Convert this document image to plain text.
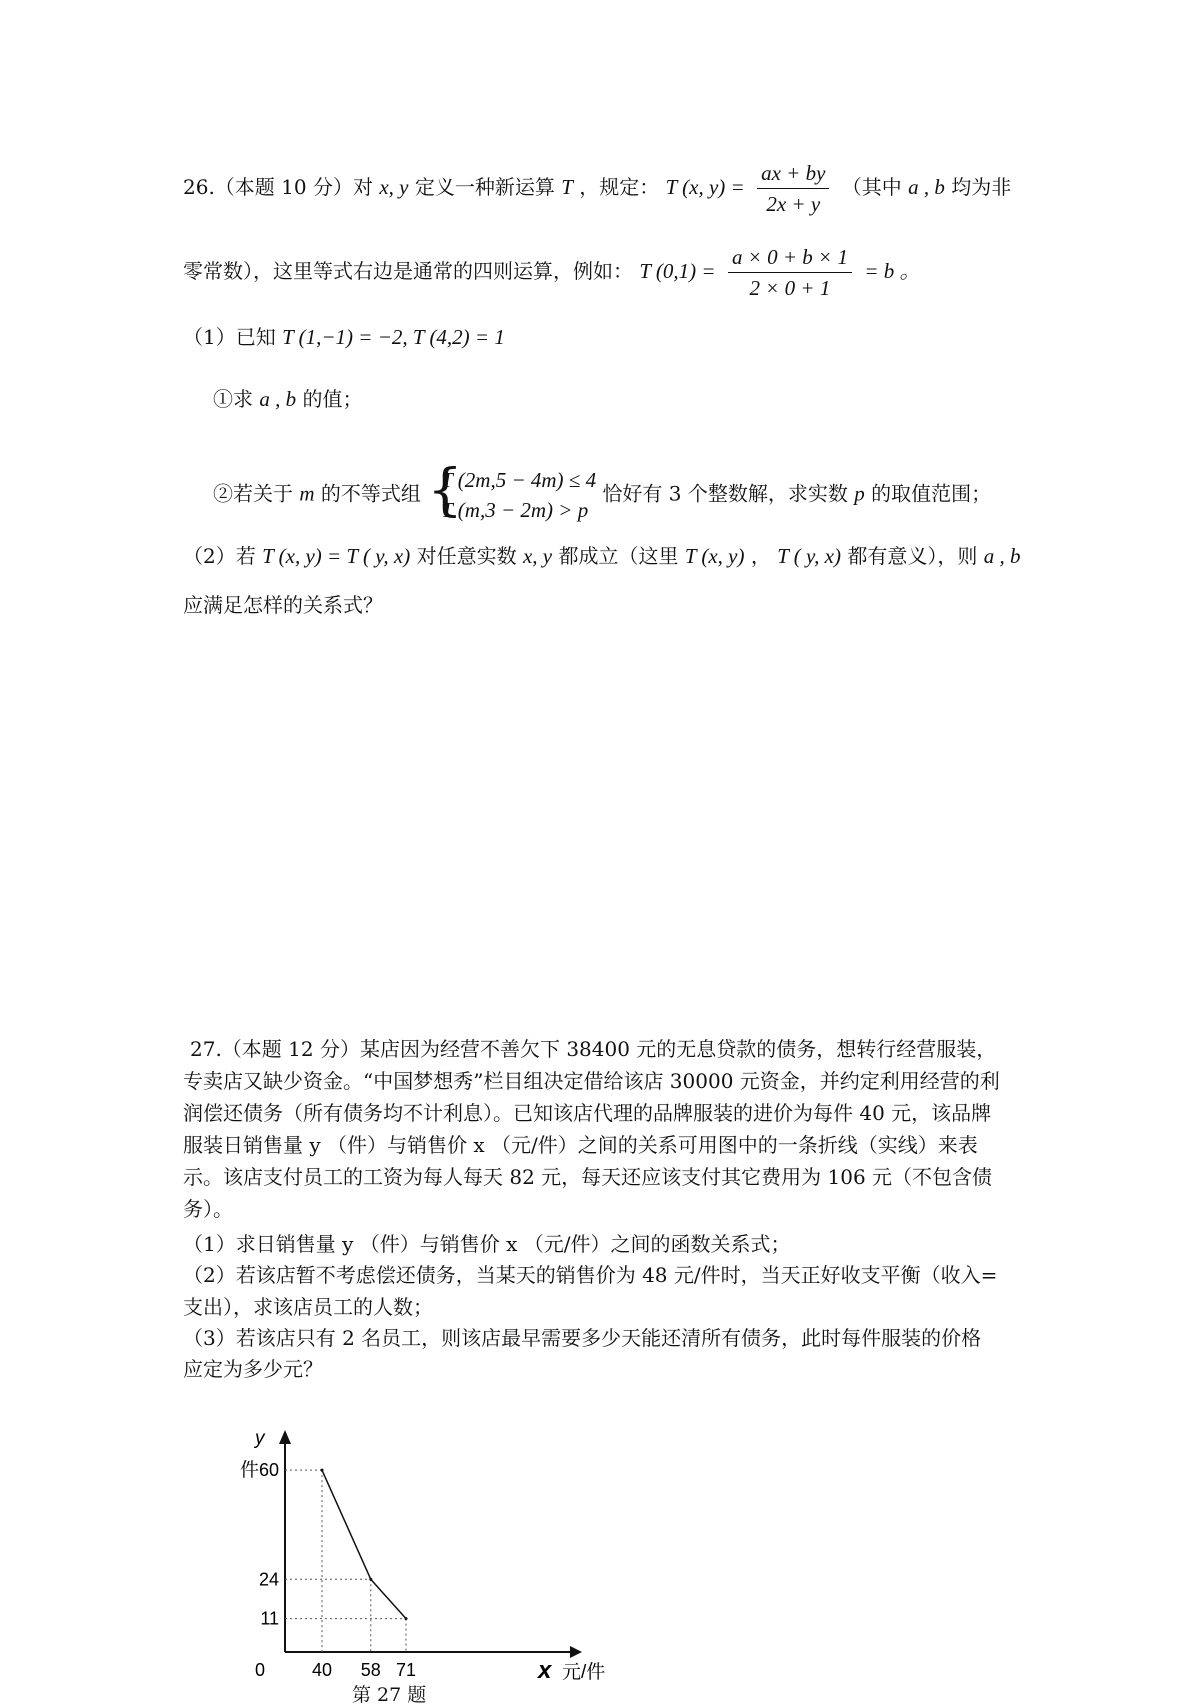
26.（本题 10 分）对 x, y 定义一种新运算 T ，规定： T (x, $y) = \frac{ax + by}{2x + y}$ （其中 a , b 均为非
零常数），这里等式右边是通常的四则运算，例如： T $(0,1) = \frac{a \times 0 + b \times 1}{2 \times 0 + 1} = b$ 。
（1）已知 T (1,−1) = −2, T (4,2) = 1
①求 a , b 的值；
②若关于 m 的不等式组 {
T (2m,5 − 4m) ≤ 4
T (m,3 − 2m) > p
恰好有 3 个整数解，求实数 p 的取值范围；
（2）若 T (x, y) = T ( y, x) 对任意实数 x, y 都成立（这里 T (x, y) ， T ( y, x) 都有意义），则 a , b
应满足怎样的关系式？
27.（本题 12 分）某店因为经营不善欠下 38400 元的无息贷款的债务，想转行经营服装，
专卖店又缺少资金。“中国梦想秀”栏目组决定借给该店 30000 元资金，并约定利用经营的利
润偿还债务（所有债务均不计利息）。已知该店代理的品牌服装的进价为每件 40 元，该品牌
服装日销售量 y （件）与销售价 x （元/件）之间的关系可用图中的一条折线（实线）来表
示。该店支付员工的工资为每人每天 82 元，每天还应该支付其它费用为 106 元（不包含债
务）。
（1）求日销售量 y （件）与销售价 x （元/件）之间的函数关系式；
（2）若该店暂不考虑偿还债务，当某天的销售价为 48 元/件时，当天正好收支平衡（收入=
支出），求该店员工的人数；
（3）若该店只有 2 名员工，则该店最早需要多少天能还清所有债务，此时每件服装的价格
应定为多少元？
40
60
58
24
71
11
0
y
件
x 元/件
第 27 题
